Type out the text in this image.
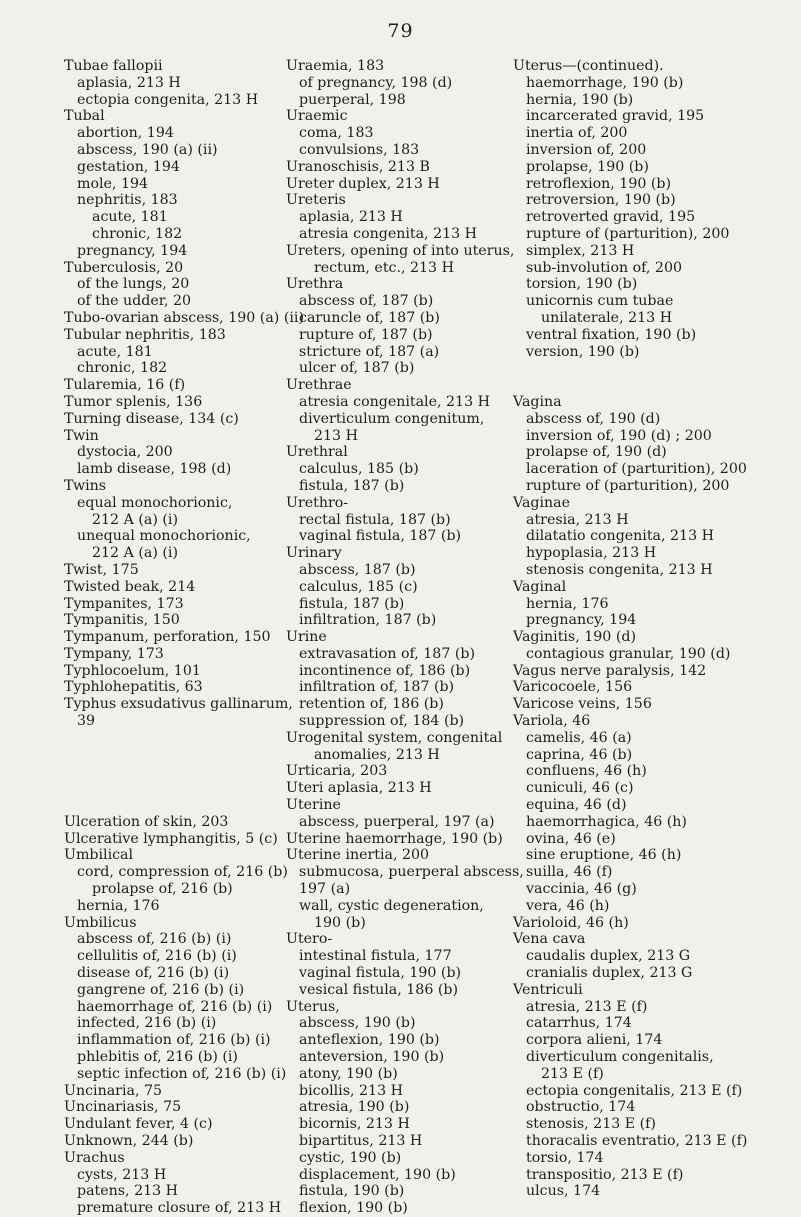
79
Tubae fallopii
aplasia, 213 H
ectopia congenita, 213 H
Tubal
abortion, 194
abscess, 190 (a) (ii)
gestation, 194
mole, 194
nephritis, 183
acute, 181
chronic, 182
pregnancy, 194
Tuberculosis, 20
of the lungs, 20
of the udder, 20
Tubo-ovarian abscess, 190 (a) (ii)
Tubular nephritis, 183
acute, 181
chronic, 182
Tularemia, 16 (f)
Tumor splenis, 136
Turning disease, 134 (c)
Twin
dystocia, 200
lamb disease, 198 (d)
Twins
equal monochorionic,
212 A (a) (i)
unequal monochorionic,
212 A (a) (i)
Twist, 175
Twisted beak, 214
Tympanites, 173
Tympanitis, 150
Tympanum, perforation, 150
Tympany, 173
Typhlocoelum, 101
Typhlohepatitis, 63
Typhus exsudativus gallinarum,
39
Ulceration of skin, 203
Ulcerative lymphangitis, 5 (c)
Umbilical
cord, compression of, 216 (b)
prolapse of, 216 (b)
hernia, 176
Umbilicus
abscess of, 216 (b) (i)
cellulitis of, 216 (b) (i)
disease of, 216 (b) (i)
gangrene of, 216 (b) (i)
haemorrhage of, 216 (b) (i)
infected, 216 (b) (i)
inflammation of, 216 (b) (i)
phlebitis of, 216 (b) (i)
septic infection of, 216 (b) (i)
Uncinaria, 75
Uncinariasis, 75
Undulant fever, 4 (c)
Unknown, 244 (b)
Urachus
cysts, 213 H
patens, 213 H
premature closure of, 213 H
Uraemia, 183
of pregnancy, 198 (d)
puerperal, 198
Uraemic
coma, 183
convulsions, 183
Uranoschisis, 213 B
Ureter duplex, 213 H
Ureteris
aplasia, 213 H
atresia congenita, 213 H
Ureters, opening of into uterus,
rectum, etc., 213 H
Urethra
abscess of, 187 (b)
caruncle of, 187 (b)
rupture of, 187 (b)
stricture of, 187 (a)
ulcer of, 187 (b)
Urethrae
atresia congenitale, 213 H
diverticulum congenitum,
213 H
Urethral
calculus, 185 (b)
fistula, 187 (b)
Urethro-
rectal fistula, 187 (b)
vaginal fistula, 187 (b)
Urinary
abscess, 187 (b)
calculus, 185 (c)
fistula, 187 (b)
infiltration, 187 (b)
Urine
extravasation of, 187 (b)
incontinence of, 186 (b)
infiltration of, 187 (b)
retention of, 186 (b)
suppression of, 184 (b)
Urogenital system, congenital
anomalies, 213 H
Urticaria, 203
Uteri aplasia, 213 H
Uterine
abscess, puerperal, 197 (a)
Uterine haemorrhage, 190 (b)
Uterine inertia, 200
submucosa, puerperal abscess,
197 (a)
wall, cystic degeneration,
190 (b)
Utero-
intestinal fistula, 177
vaginal fistula, 190 (b)
vesical fistula, 186 (b)
Uterus,
abscess, 190 (b)
anteflexion, 190 (b)
anteversion, 190 (b)
atony, 190 (b)
bicollis, 213 H
atresia, 190 (b)
bicornis, 213 H
bipartitus, 213 H
cystic, 190 (b)
displacement, 190 (b)
fistula, 190 (b)
flexion, 190 (b)
Uterus—(continued).
haemorrhage, 190 (b)
hernia, 190 (b)
incarcerated gravid, 195
inertia of, 200
inversion of, 200
prolapse, 190 (b)
retroflexion, 190 (b)
retroversion, 190 (b)
retroverted gravid, 195
rupture of (parturition), 200
simplex, 213 H
sub-involution of, 200
torsion, 190 (b)
unicornis cum tubae
unilaterale, 213 H
ventral fixation, 190 (b)
version, 190 (b)
Vagina
abscess of, 190 (d)
inversion of, 190 (d) ; 200
prolapse of, 190 (d)
laceration of (parturition), 200
rupture of (parturition), 200
Vaginae
atresia, 213 H
dilatatio congenita, 213 H
hypoplasia, 213 H
stenosis congenita, 213 H
Vaginal
hernia, 176
pregnancy, 194
Vaginitis, 190 (d)
contagious granular, 190 (d)
Vagus nerve paralysis, 142
Varicocoele, 156
Varicose veins, 156
Variola, 46
camelis, 46 (a)
caprina, 46 (b)
confluens, 46 (h)
cuniculi, 46 (c)
equina, 46 (d)
haemorrhagica, 46 (h)
ovina, 46 (e)
sine eruptione, 46 (h)
suilla, 46 (f)
vaccinia, 46 (g)
vera, 46 (h)
Varioloid, 46 (h)
Vena cava
caudalis duplex, 213 G
cranialis duplex, 213 G
Ventriculi
atresia, 213 E (f)
catarrhus, 174
corpora alieni, 174
diverticulum congenitalis,
213 E (f)
ectopia congenitalis, 213 E (f)
obstructio, 174
stenosis, 213 E (f)
thoracalis eventratio, 213 E (f)
torsio, 174
transpositio, 213 E (f)
ulcus, 174
